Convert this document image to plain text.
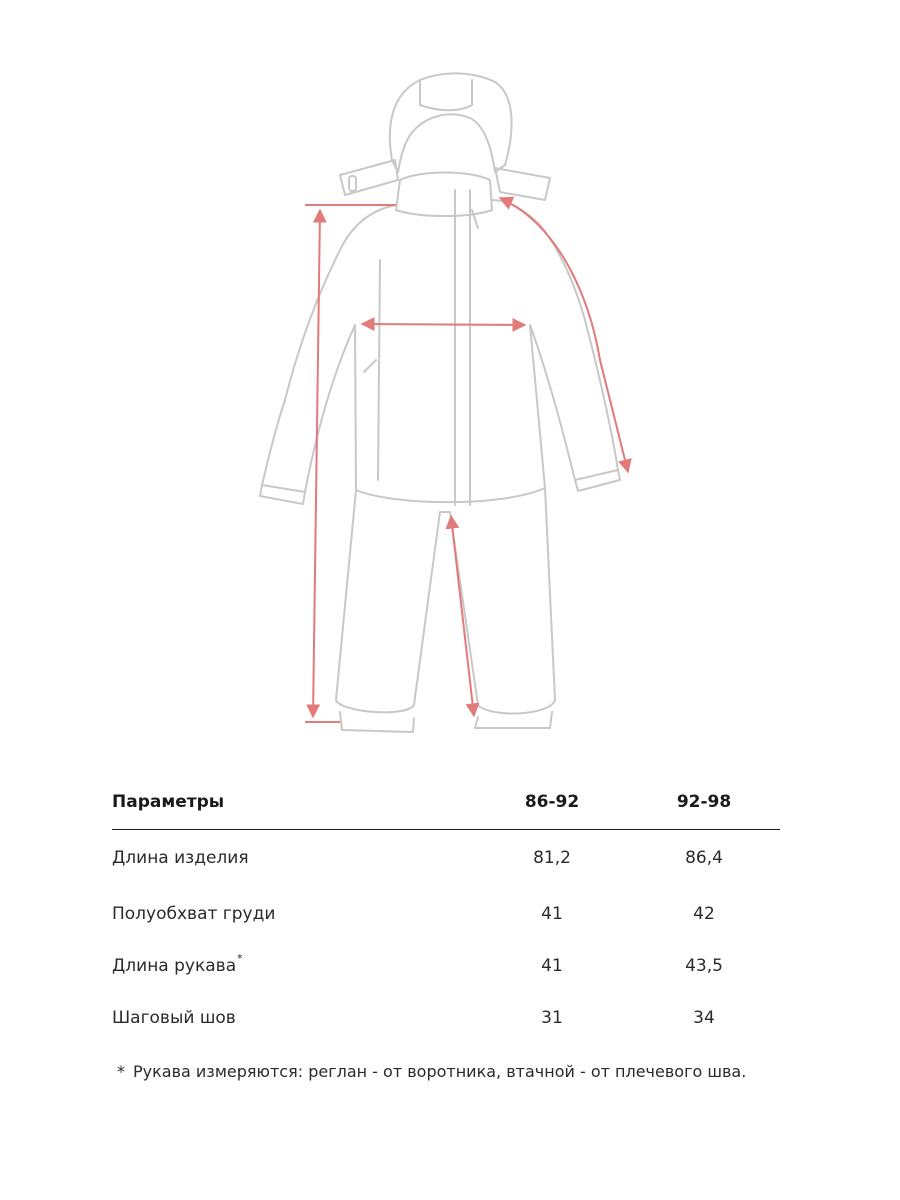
Параметры	86-92	92-98
Длина изделия	81,2	86,4
Полуобхват груди	41	42
Длина рукава*	41	43,5
Шаговый шов	31	34
* Рукава измеряются: реглан - от воротника, втачной - от плечевого шва.
